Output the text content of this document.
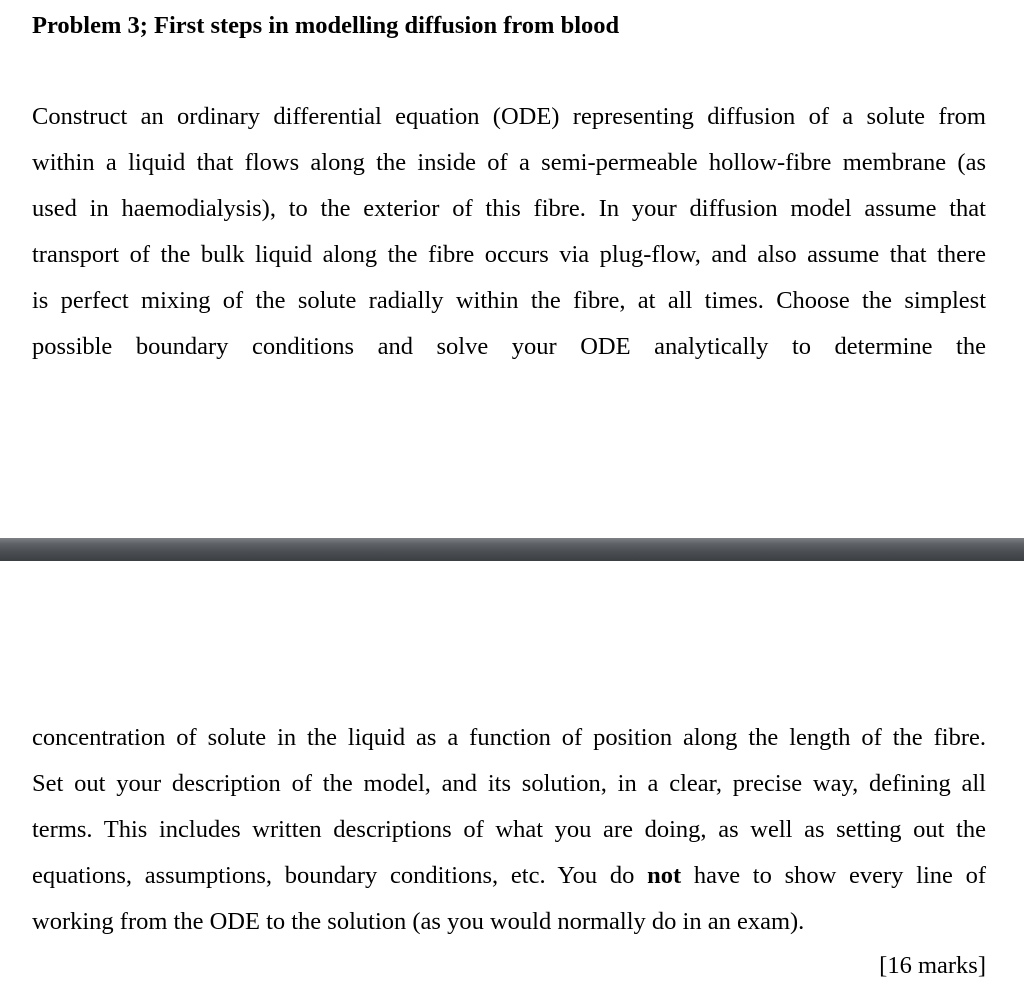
Problem 3; First steps in modelling diffusion from blood
Construct an ordinary differential equation (ODE) representing diffusion of a solute from
within a liquid that flows along the inside of a semi-permeable hollow-fibre membrane (as
used in haemodialysis), to the exterior of this fibre. In your diffusion model assume that
transport of the bulk liquid along the fibre occurs via plug-flow, and also assume that there
is perfect mixing of the solute radially within the fibre, at all times. Choose the simplest
possible boundary conditions and solve your ODE analytically to determine the
concentration of solute in the liquid as a function of position along the length of the fibre.
Set out your description of the model, and its solution, in a clear, precise way, defining all
terms. This includes written descriptions of what you are doing, as well as setting out the
equations, assumptions, boundary conditions, etc. You do not have to show every line of
working from the ODE to the solution (as you would normally do in an exam).
[16 marks]
